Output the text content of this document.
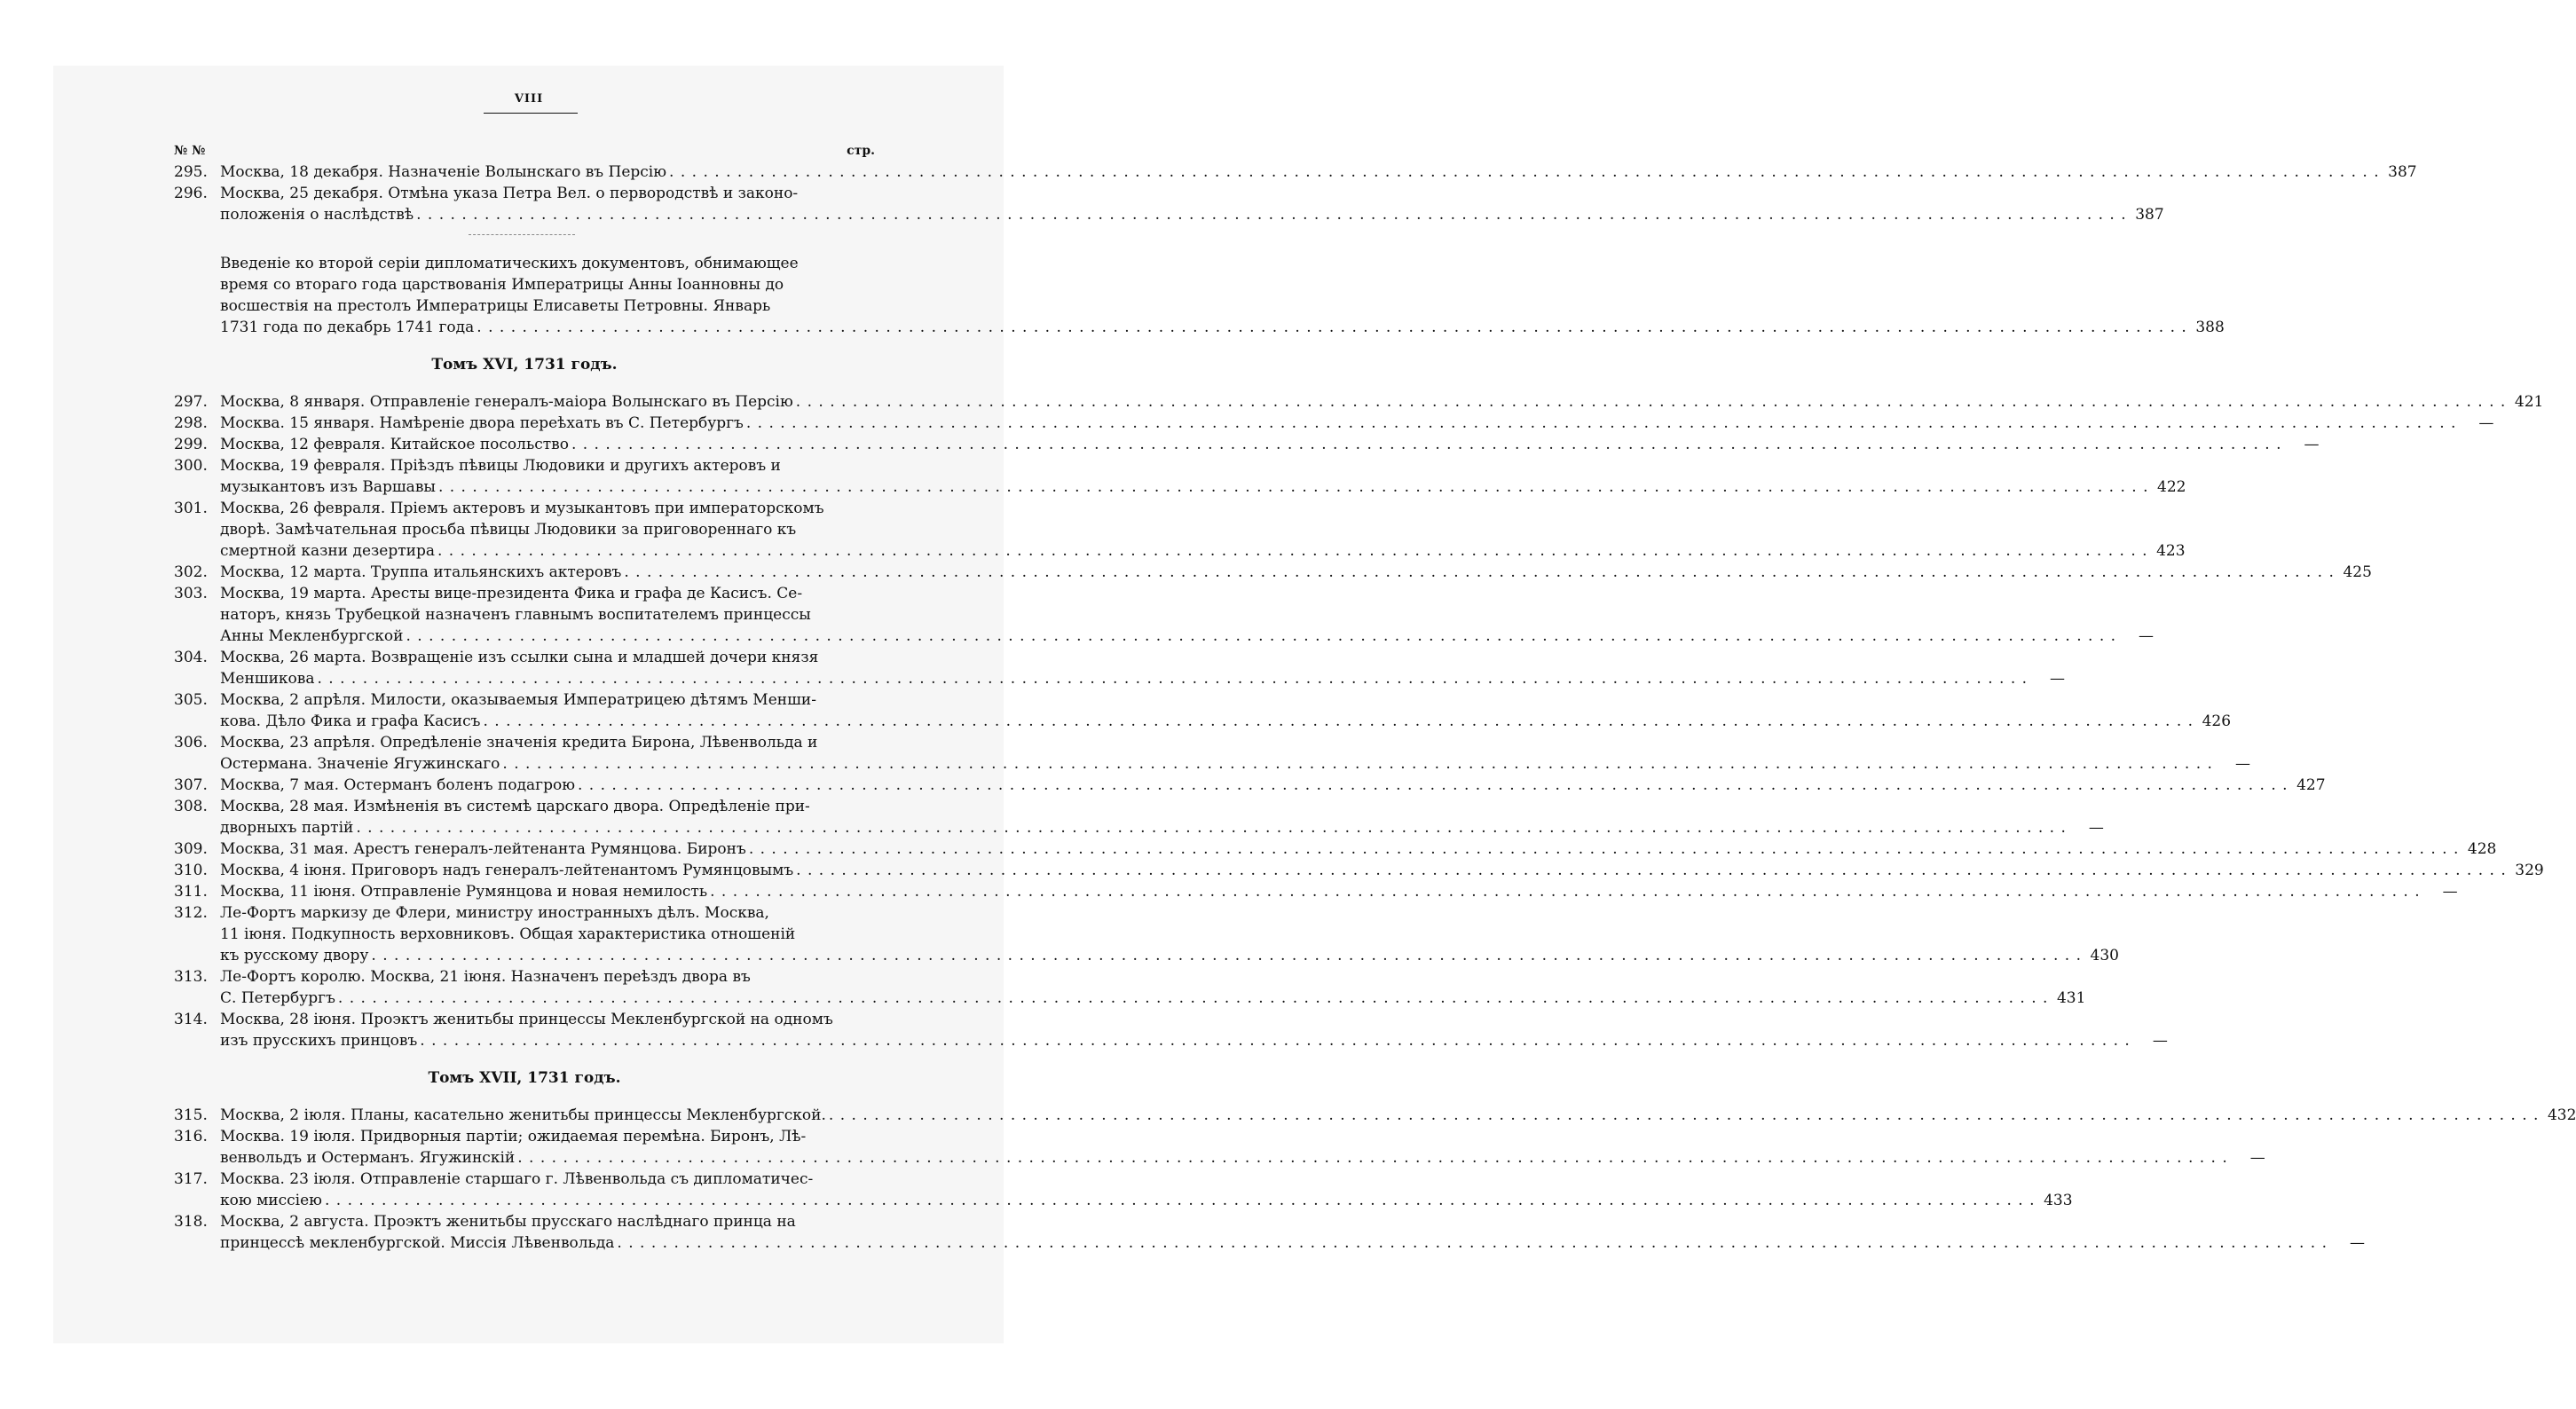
VIII
№ №	стр.
295. Москва, 18 декабря. Назначеніе Волынскаго въ Персію . . .	387
296. Москва, 25 декабря. Отмѣна указа Петра Вел. о первородствѣ и законо-
положенія о наслѣдствѣ . . .	387
Введеніе ко второй серіи дипломатическихъ документовъ, обнимающее
время со втораго года царствованія Императрицы Анны Іоанновны до
восшествія на престолъ Императрицы Елисаветы Петровны. Январь
1731 года по декабрь 1741 года . . .	388
Томъ XVI, 1731 годъ.
297. Москва, 8 января. Отправленіе генералъ-маіора Волынскаго въ Персію . . .	421
298. Москва. 15 января. Намѣреніе двора переѣхать въ С. Петербургъ . . .	—
299. Москва, 12 февраля. Китайское посольство . . .	—
300. Москва, 19 февраля. Пріѣздъ пѣвицы Людовики и другихъ актеровъ и
музыкантовъ изъ Варшавы . . .	422
301. Москва, 26 февраля. Пріемъ актеровъ и музыкантовъ при императорскомъ
дворѣ. Замѣчательная просьба пѣвицы Людовики за приговореннаго къ
смертной казни дезертира . . .	423
302. Москва, 12 марта. Труппа итальянскихъ актеровъ . . .	425
303. Москва, 19 марта. Аресты вице-президента Фика и графа де Касисъ. Се-
наторъ, князь Трубецкой назначенъ главнымъ воспитателемъ принцессы
Анны Мекленбургской . . .	—
304. Москва, 26 марта. Возвращеніе изъ ссылки сына и младшей дочери князя
Меншикова . . .	—
305. Москва, 2 апрѣля. Милости, оказываемыя Императрицею дѣтямъ Менши-
кова. Дѣло Фика и графа Касисъ . . .	426
306. Москва, 23 апрѣля. Опредѣленіе значенія кредита Бирона, Лѣвенвольда и
Остермана. Значеніе Ягужинскаго . . .	—
307. Москва, 7 мая. Остерманъ боленъ подагрою . . .	427
308. Москва, 28 мая. Измѣненія въ системѣ царскаго двора. Опредѣленіе при-
дворныхъ партій . . .	—
309. Москва, 31 мая. Арестъ генералъ-лейтенанта Румянцова. Биронъ . . .	428
310. Москва, 4 іюня. Приговоръ надъ генералъ-лейтенантомъ Румянцовымъ . . .	329
311. Москва, 11 іюня. Отправленіе Румянцова и новая немилость . . .	—
312. Ле-Фортъ маркизу де Флери, министру иностранныхъ дѣлъ. Москва,
11 іюня. Подкупность верховниковъ. Общая характеристика отношеній
къ русскому двору . . .	430
313. Ле-Фортъ королю. Москва, 21 іюня. Назначенъ переѣздъ двора въ
С. Петербургъ . . .	431
314. Москва, 28 іюня. Проэктъ женитьбы принцессы Мекленбургской на одномъ
изъ прусскихъ принцовъ . . .	—
Томъ XVII, 1731 годъ.
315. Москва, 2 іюля. Планы, касательно женитьбы принцессы Мекленбургской. . . .	432
316. Москва. 19 іюля. Придворныя партіи; ожидаемая перемѣна. Биронъ, Лѣ-
венвольдъ и Остерманъ. Ягужинскій . . .	—
317. Москва. 23 іюля. Отправленіе старшаго г. Лѣвенвольда съ дипломатичес-
кою миссіею . . .	433
318. Москва, 2 августа. Проэктъ женитьбы прусскаго наслѣднаго принца на
принцессѣ мекленбургской. Миссія Лѣвенвольда . . .	—
